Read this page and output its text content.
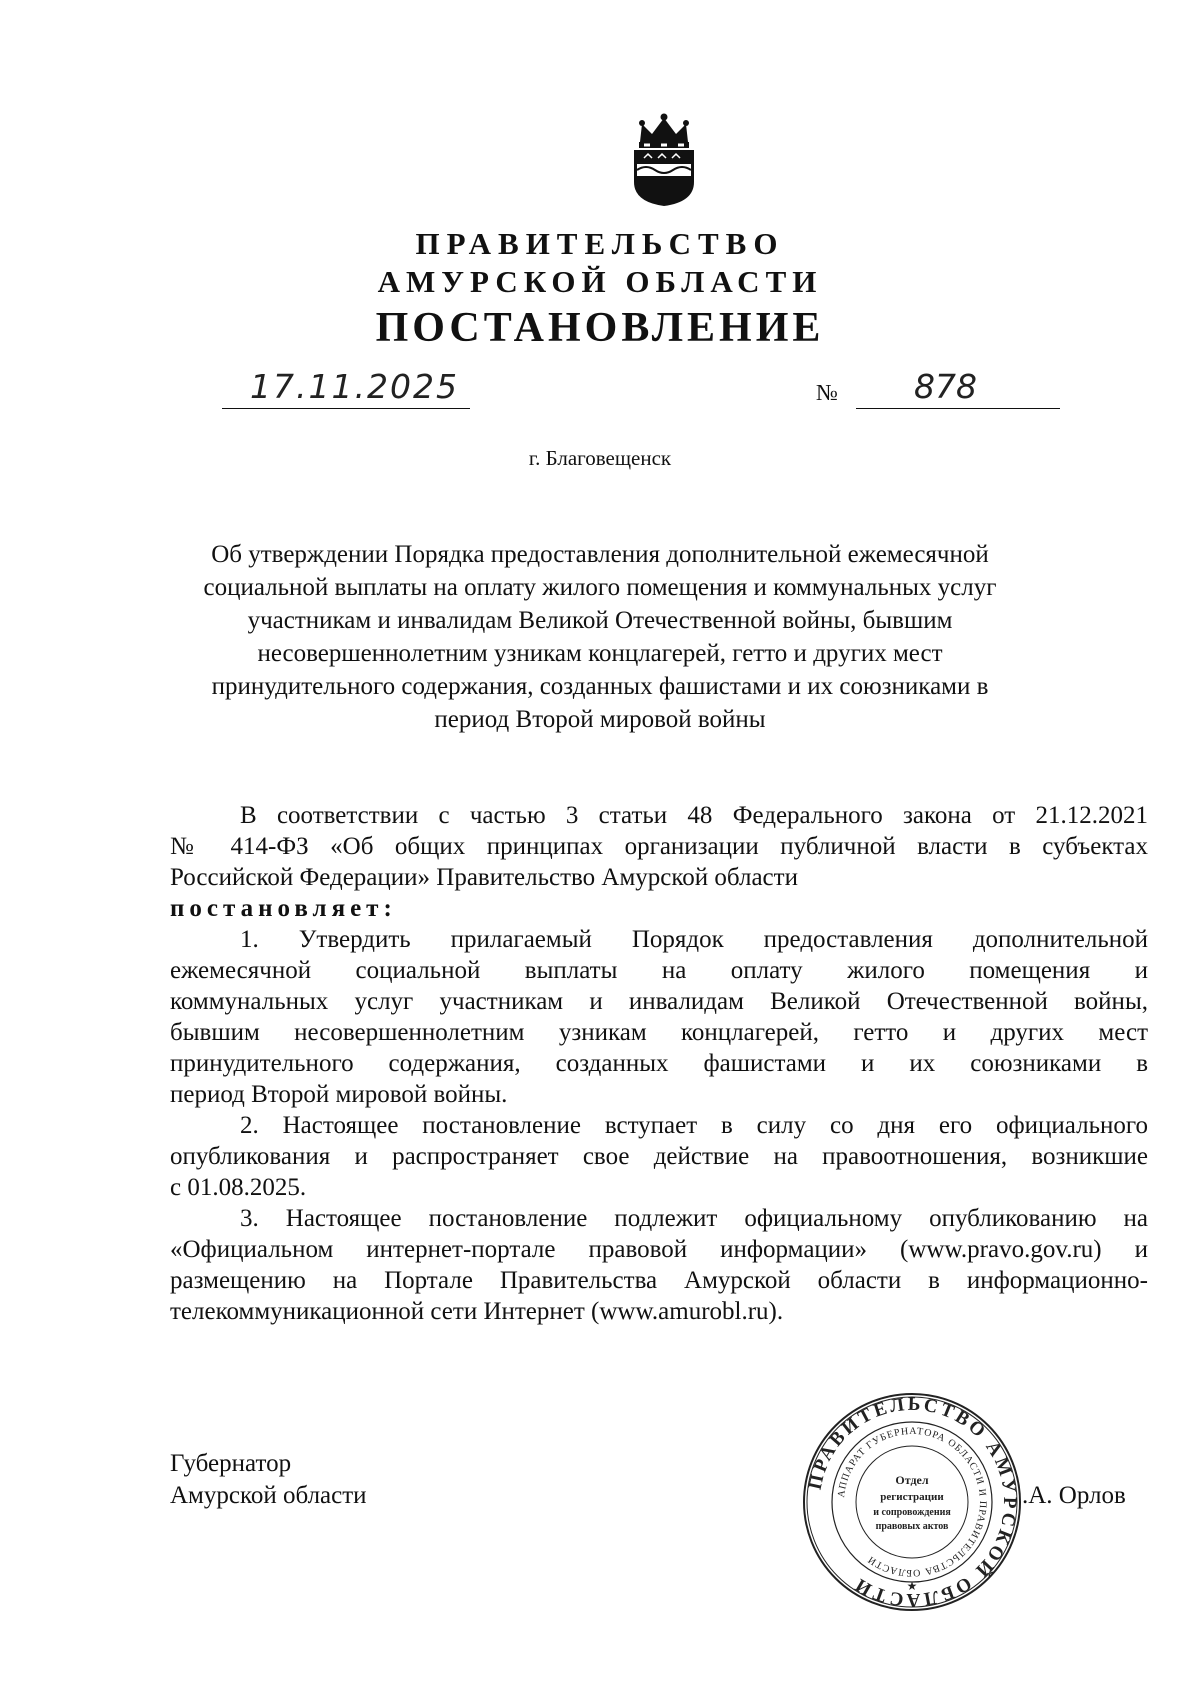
ПРАВИТЕЛЬСТВО
АМУРСКОЙ ОБЛАСТИ
ПОСТАНОВЛЕНИЕ
17.11.2025	№ 878
г. Благовещенск
Об утверждении Порядка предоставления дополнительной ежемесячной
социальной выплаты на оплату жилого помещения и коммунальных услуг
участникам и инвалидам Великой Отечественной войны, бывшим
несовершеннолетним узникам концлагерей, гетто и других мест
принудительного содержания, созданных фашистами и их союзниками в
период Второй мировой войны
В соответствии с частью 3 статьи 48 Федерального закона от 21.12.2021
№ 414-ФЗ «Об общих принципах организации публичной власти в субъектах
Российской Федерации» Правительство Амурской области
постановляет:
1. Утвердить прилагаемый Порядок предоставления дополнительной
ежемесячной социальной выплаты на оплату жилого помещения и
коммунальных услуг участникам и инвалидам Великой Отечественной войны,
бывшим несовершеннолетним узникам концлагерей, гетто и других мест
принудительного содержания, созданных фашистами и их союзниками в
период Второй мировой войны.
2. Настоящее постановление вступает в силу со дня его официального
опубликования и распространяет свое действие на правоотношения, возникшие
с 01.08.2025.
3. Настоящее постановление подлежит официальному опубликованию на
«Официальном интернет-портале правовой информации» (www.pravo.gov.ru) и
размещению на Портале Правительства Амурской области в информационно-
телекоммуникационной сети Интернет (www.amurobl.ru).
Губернатор
Амурской области
ПРАВИТЕЛЬСТВО АМУРСКОЙ ОБЛАСТИ
АППАРАТ ГУБЕРНАТОРА ОБЛАСТИ И ПРАВИТЕЛЬСТВА ОБЛАСТИ
Отдел
регистрации
и сопровождения
правовых актов
★
.А. Орлов
